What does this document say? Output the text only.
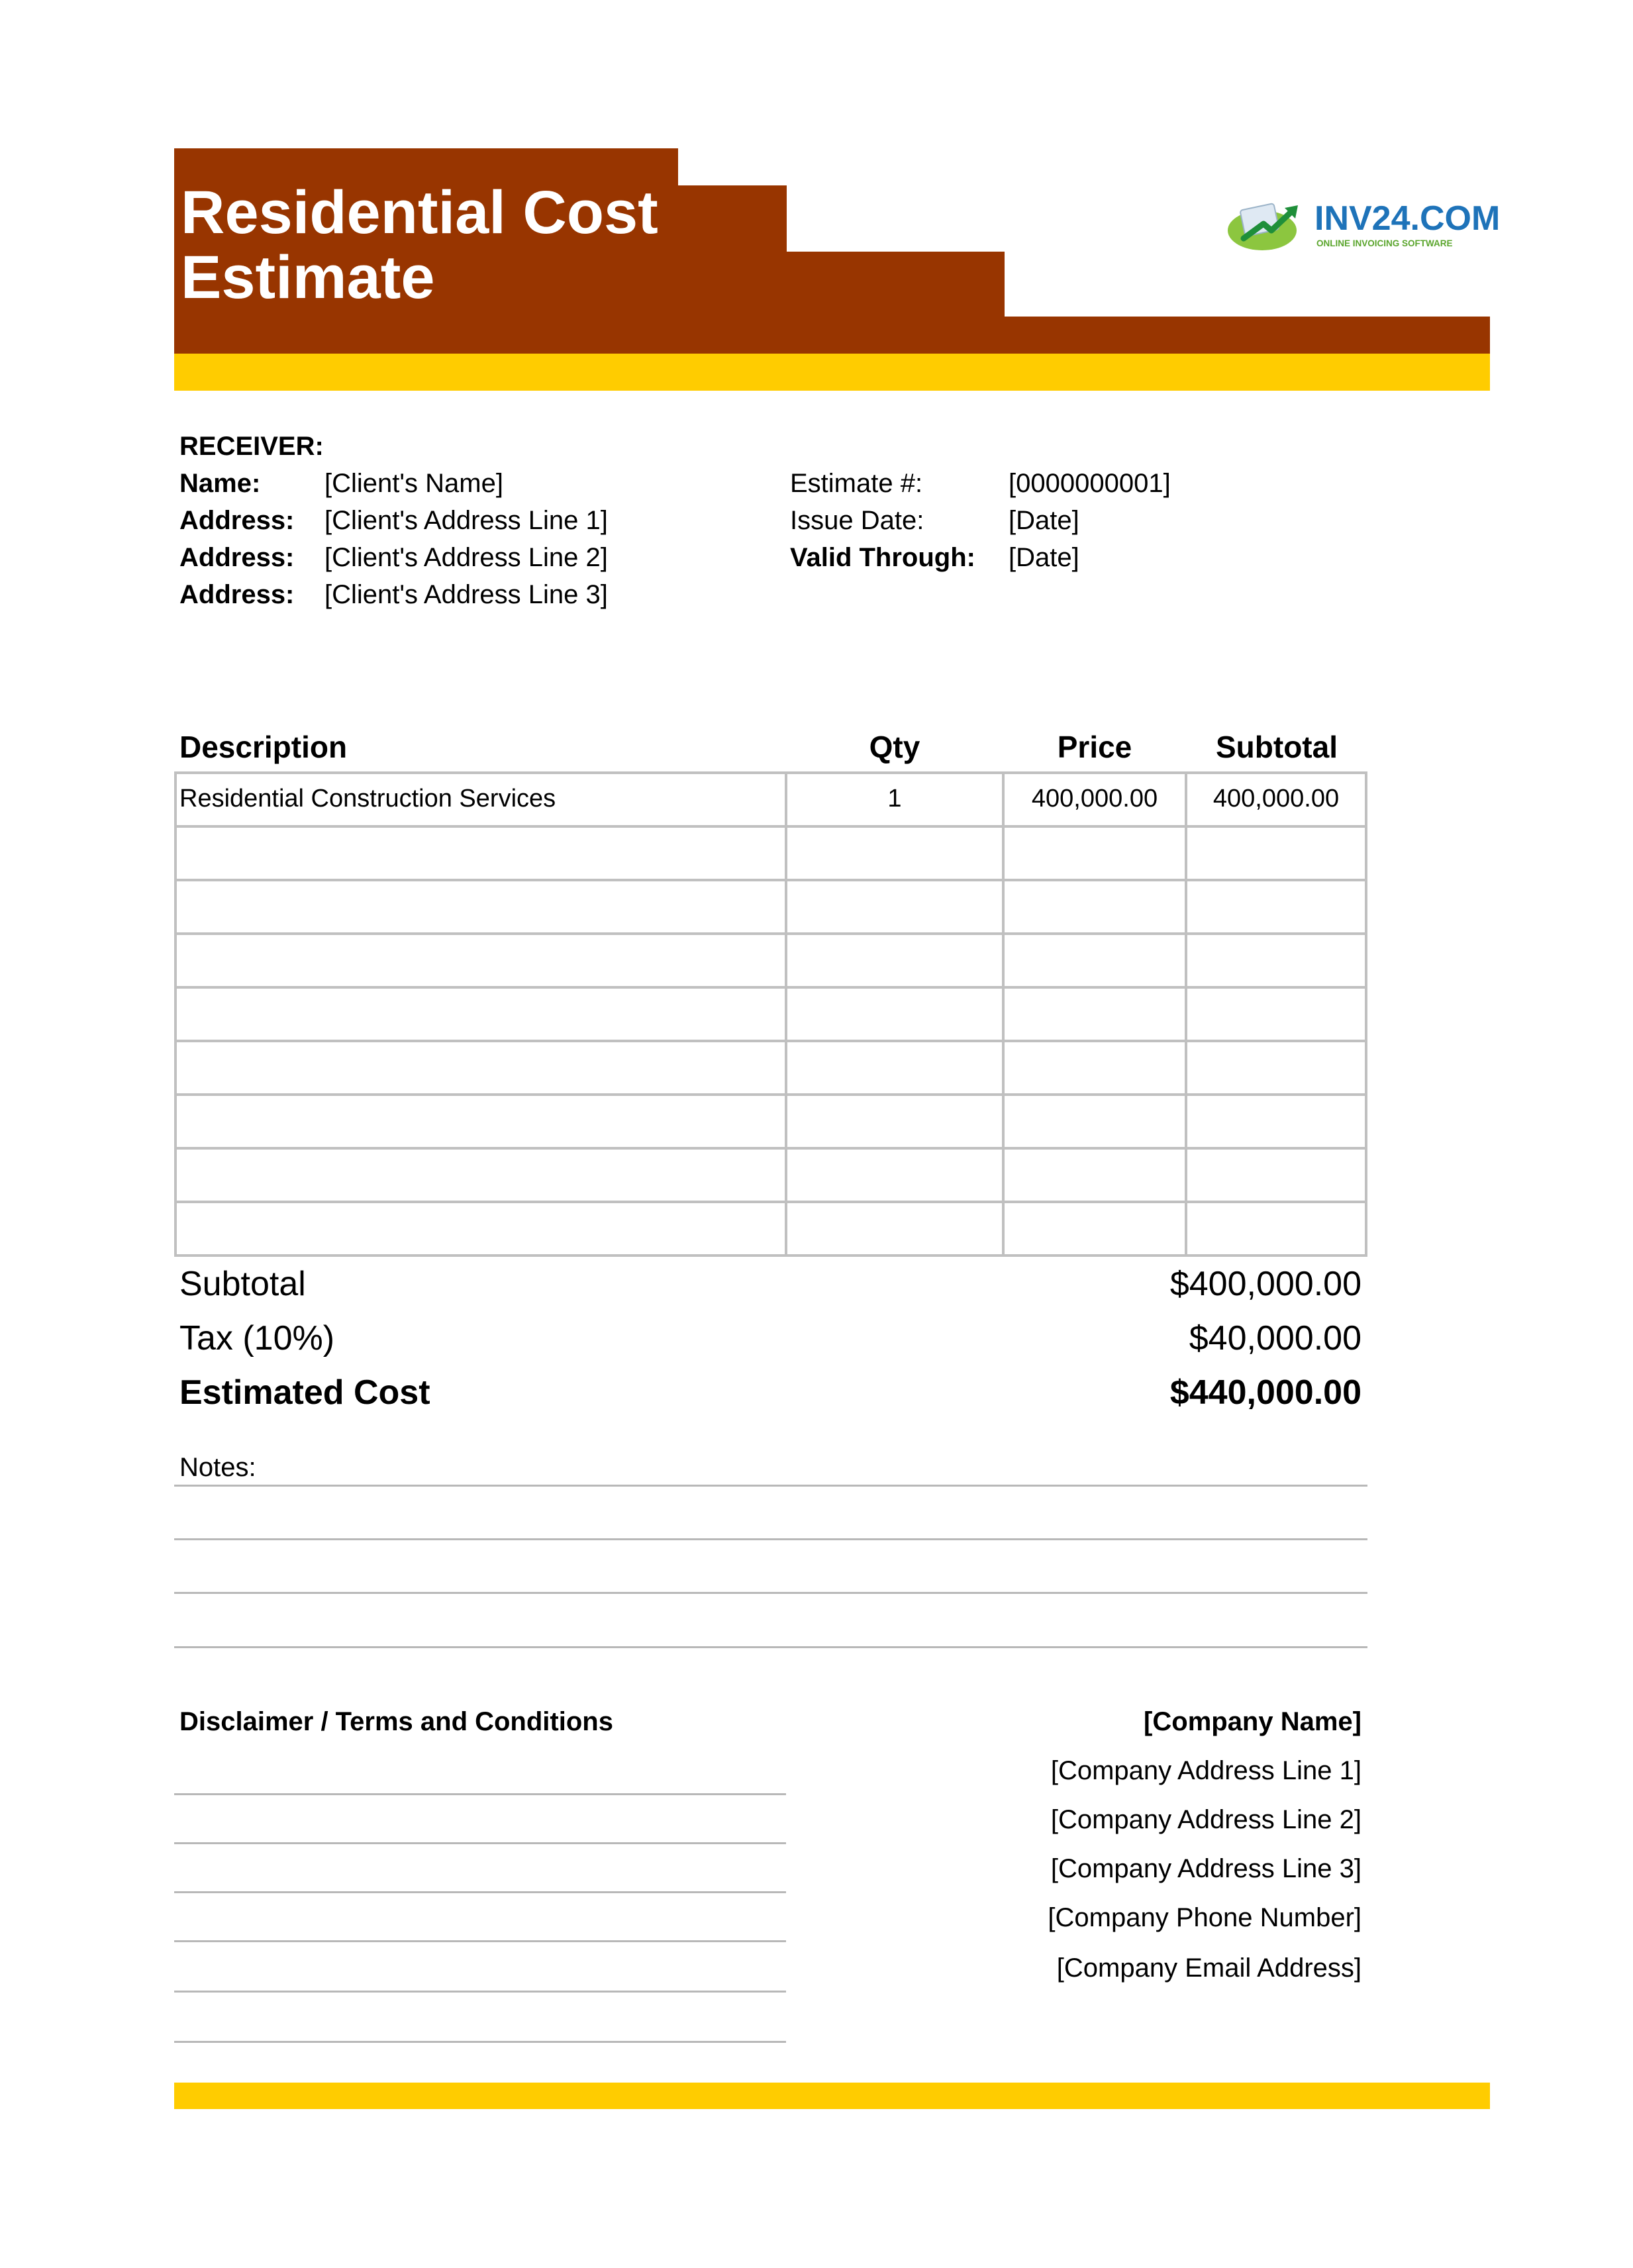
Residential Cost
Estimate
INV24.COM
ONLINE INVOICING SOFTWARE
RECEIVER:
Name: [Client's Name]
Address: [Client's Address Line 1]
Address: [Client's Address Line 2]
Address: [Client's Address Line 3]
Estimate #:	[0000000001]
Issue Date:	[Date]
Valid Through: [Date]
Description	Qty	Price	Subtotal
Residential Construction Services	1	400,000.00	400,000.00
Subtotal	$400,000.00
Tax (10%)	$40,000.00
Estimated Cost	$440,000.00
Notes:
Disclaimer / Terms and Conditions	[Company Name]
[Company Address Line 1]
[Company Address Line 2]
[Company Address Line 3]
[Company Phone Number]
[Company Email Address]
